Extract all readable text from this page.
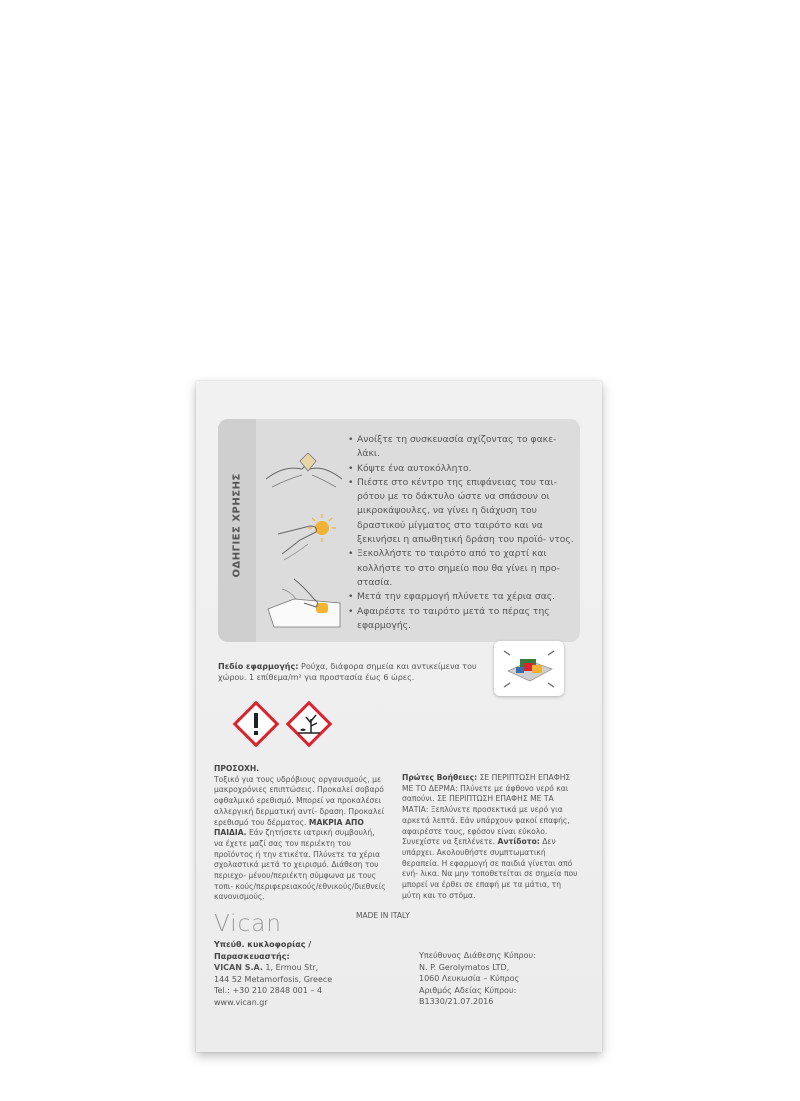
ΟΔΗΓΙΕΣ ΧΡΗΣΗΣ
• Ανοίξτε τη συσκευασία σχίζοντας το φακε- λάκι.
• Κόψτε ένα αυτοκόλλητο.
• Πιέστε στο κέντρο της επιφάνειας του ται- ρότου με το δάκτυλο ώστε να σπάσουν οι μικροκάψουλες, να γίνει η διάχυση του δραστικού μίγματος στο ταιρότο και να ξεκινήσει η απωθητική δράση του προϊό- ντος.
• Ξεκολλήστε το ταιρότο από το χαρτί και κολλήστε το στο σημείο που θα γίνει η προ- στασία.
• Μετά την εφαρμογή πλύνετε τα χέρια σας.
• Αφαιρέστε το ταιρότο μετά το πέρας της εφαρμογής.
Πεδίο εφαρμογής: Ρούχα, διάφορα σημεία και αντικείμενα του χώρου. 1 επίθεμα/m² για προστασία έως 6 ώρες.
ΠΡΟΣΟΧΗ.
Τοξικό για τους υδρόβιους οργανισμούς, με μακροχρόνιες επιπτώσεις. Προκαλεί σοβαρό οφθαλμικό ερεθισμό. Μπορεί να προκαλέσει αλλεργική δερματική αντί- δραση. Προκαλεί ερεθισμό του δέρματος. ΜΑΚΡΙΑ ΑΠΟ ΠΑΙΔΙΑ. Εάν ζητήσετε ιατρική συμβουλή, να έχετε μαζί σας τον περιέκτη του προϊόντος ή την ετικέτα. Πλύνετε τα χέρια σχολαστικά μετά το χειρισμό. Διάθεση του περιεχο- μένου/περιέκτη σύμφωνα με τους τοπι- κούς/περιφερειακούς/εθνικούς/διεθνείς κανονισμούς.
Πρώτες Βοήθειες: ΣΕ ΠΕΡΙΠΤΩΣΗ ΕΠΑΦΗΣ ΜΕ ΤΟ ΔΕΡΜΑ: Πλύνετε με άφθονο νερό και σαπούνι. ΣΕ ΠΕΡΙΠΤΩΣΗ ΕΠΑΦΗΣ ΜΕ ΤΑ ΜΑΤΙΑ: Ξεπλύνετε προσεκτικά με νερό για αρκετά λεπτά. Εάν υπάρχουν φακοί επαφής, αφαιρέστε τους, εφόσον είναι εύκολο. Συνεχίστε να ξεπλένετε. Αντίδοτο: Δεν υπάρχει. Ακολουθήστε συμπτωματική θεραπεία. Η εφαρμογή σε παιδιά γίνεται από ενή- λικα. Να μην τοποθετείται σε σημεία που μπορεί να έρθει σε επαφή με τα μάτια, τη μύτη και το στόμα.
MADE IN ITALY
Vican
Υπεύθ. κυκλοφορίας /
Παρασκευαστής:
VICAN S.A. 1, Ermou Str,
144 52 Metamorfosis, Greece
Tel.: +30 210 2848 001 – 4
www.vican.gr
Υπεύθυνος Διάθεσης Κύπρου:
N. P. Gerolymatos LTD,
1060 Λευκωσία – Κύπρος
Αριθμός Αδείας Κύπρου:
B1330/21.07.2016
